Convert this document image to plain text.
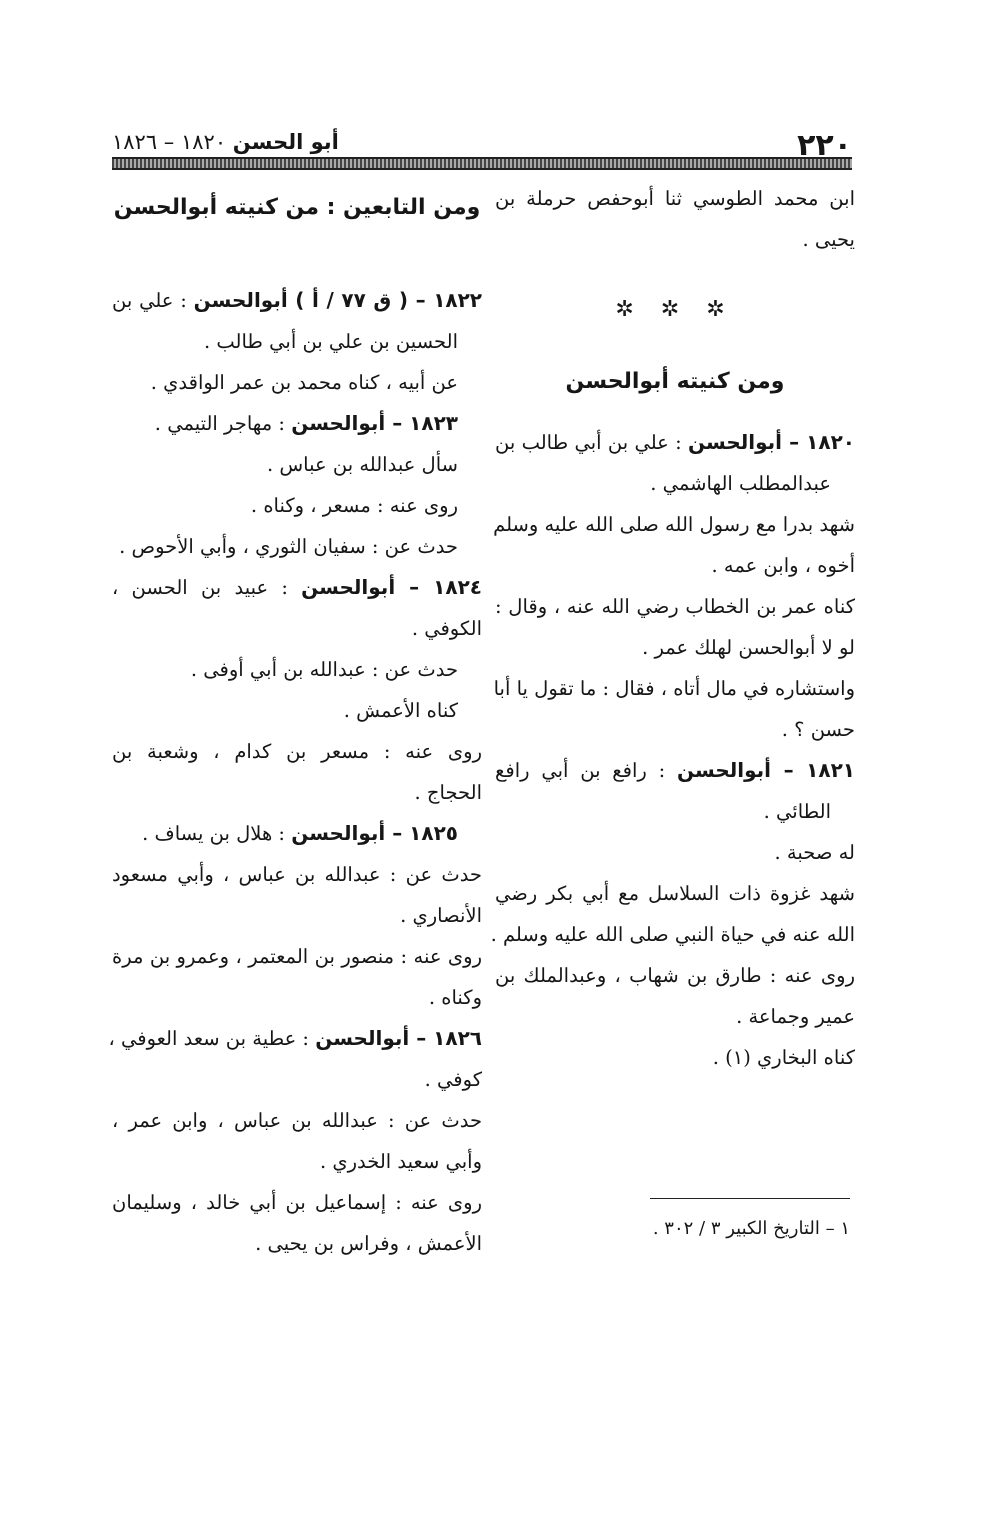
٢٢٠
أبو الحسن ١٨٢٠ – ١٨٢٦
ابن محمد الطوسي ثنا أبوحفص حرملة بن
يحيى .
✲ ✲ ✲
ومن كنيته أبوالحسن
١٨٢٠ – أبوالحسن : علي بن أبي طالب بن
عبدالمطلب الهاشمي .
شهد بدرا مع رسول الله صلى الله عليه وسلم
أخوه ، وابن عمه .
كناه عمر بن الخطاب رضي الله عنه ، وقال :
لو لا أبوالحسن لهلك عمر .
واستشاره في مال أتاه ، فقال : ما تقول يا أبا
حسن ؟ .
١٨٢١ – أبوالحسن : رافع بن أبي رافع
الطائي .
له صحبة .
شهد غزوة ذات السلاسل مع أبي بكر رضي
الله عنه في حياة النبي صلى الله عليه وسلم .
روى عنه : طارق بن شهاب ، وعبدالملك بن
عمير وجماعة .
كناه البخاري (١) .
١ – التاريخ الكبير ٣ / ٣٠٢ .
ومن التابعين : من كنيته أبوالحسن
١٨٢٢ – ( ق ٧٧ / أ ) أبوالحسن : علي بن
الحسين بن علي بن أبي طالب .
عن أبيه ، كناه محمد بن عمر الواقدي .
١٨٢٣ – أبوالحسن : مهاجر التيمي .
سأل عبدالله بن عباس .
روى عنه : مسعر ، وكناه .
حدث عن : سفيان الثوري ، وأبي الأحوص .
١٨٢٤ – أبوالحسن : عبيد بن الحسن ،
الكوفي .
حدث عن : عبدالله بن أبي أوفى .
كناه الأعمش .
روى عنه : مسعر بن كدام ، وشعبة بن
الحجاج .
١٨٢٥ – أبوالحسن : هلال بن يساف .
حدث عن : عبدالله بن عباس ، وأبي مسعود
الأنصاري .
روى عنه : منصور بن المعتمر ، وعمرو بن مرة
وكناه .
١٨٢٦ – أبوالحسن : عطية بن سعد العوفي ،
كوفي .
حدث عن : عبدالله بن عباس ، وابن عمر ،
وأبي سعيد الخدري .
روى عنه : إسماعيل بن أبي خالد ، وسليمان
الأعمش ، وفراس بن يحيى .
